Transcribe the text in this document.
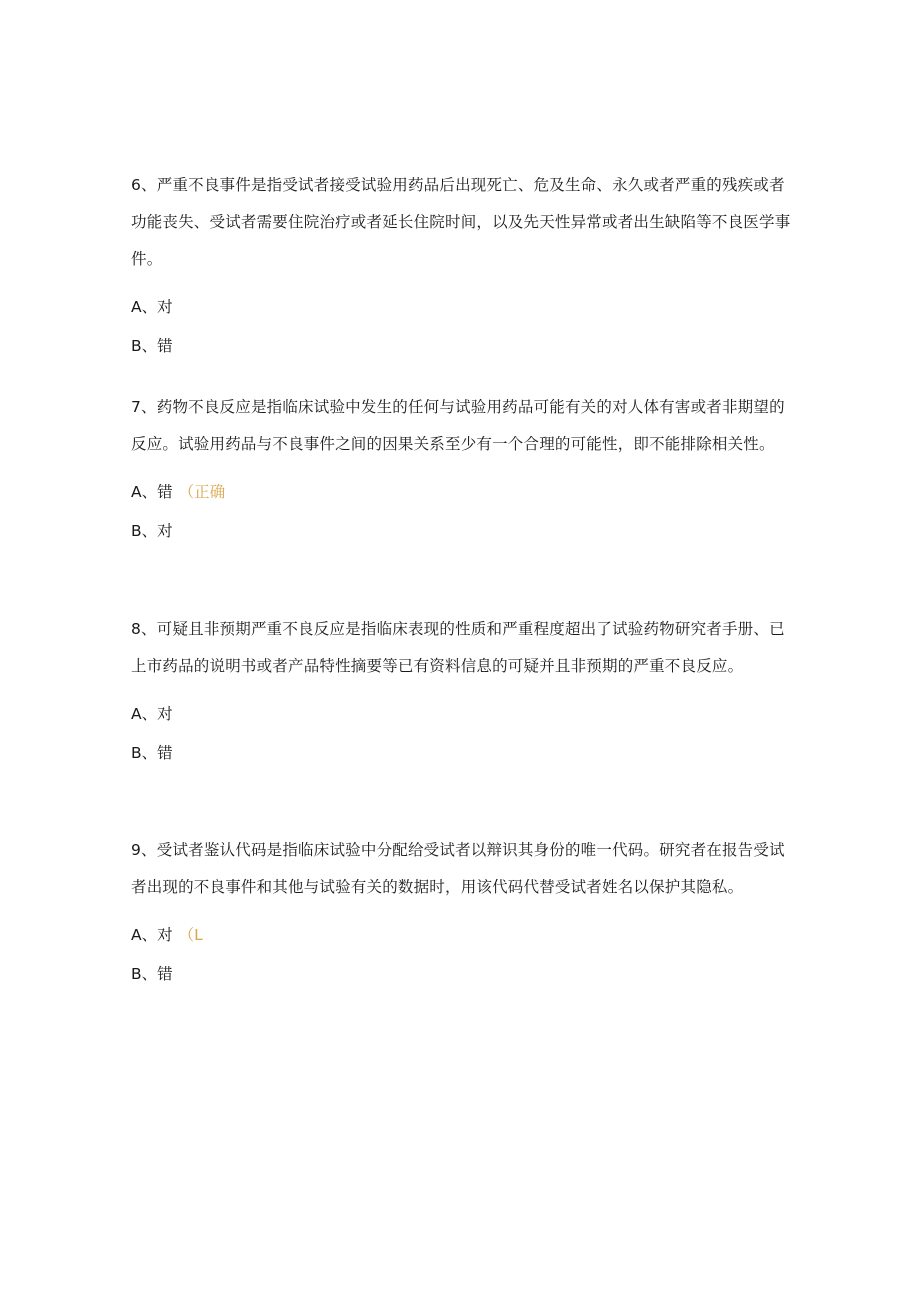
6、严重不良事件是指受试者接受试验用药品后出现死亡、危及生命、永久或者严重的残疾或者功能丧失、受试者需要住院治疗或者延长住院时间，以及先天性异常或者出生缺陷等不良医学事件。

A、对

B、错

7、药物不良反应是指临床试验中发生的任何与试验用药品可能有关的对人体有害或者非期望的反应。试验用药品与不良事件之间的因果关系至少有一个合理的可能性，即不能排除相关性。

A、错 （正确

B、对

8、可疑且非预期严重不良反应是指临床表现的性质和严重程度超出了试验药物研究者手册、已上市药品的说明书或者产品特性摘要等已有资料信息的可疑并且非预期的严重不良反应。

A、对

B、错

9、受试者鉴认代码是指临床试验中分配给受试者以辩识其身份的唯一代码。研究者在报告受试者出现的不良事件和其他与试验有关的数据时，用该代码代替受试者姓名以保护其隐私。

A、对 （L

B、错
